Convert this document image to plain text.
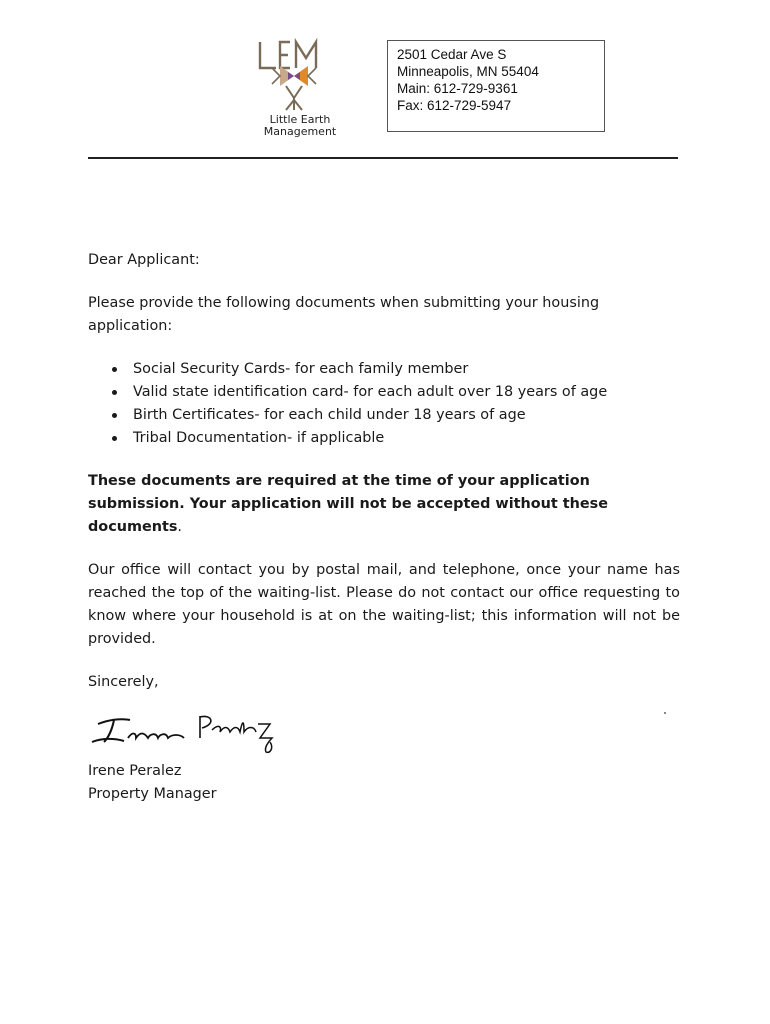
Little Earth
Management
2501 Cedar Ave S
Minneapolis, MN 55404
Main: 612-729-9361
Fax: 612-729-5947

Dear Applicant:

Please provide the following documents when submitting your housing application:

Social Security Cards- for each family member
Valid state identification card- for each adult over 18 years of age
Birth Certificates- for each child under 18 years of age
Tribal Documentation- if applicable

These documents are required at the time of your application submission. Your application will not be accepted without these documents.

Our office will contact you by postal mail, and telephone, once your name has reached the top of the waiting-list. Please do not contact our office requesting to know where your household is at on the waiting-list; this information will not be provided.

Sincerely,

Irene Peralez

Property Manager
